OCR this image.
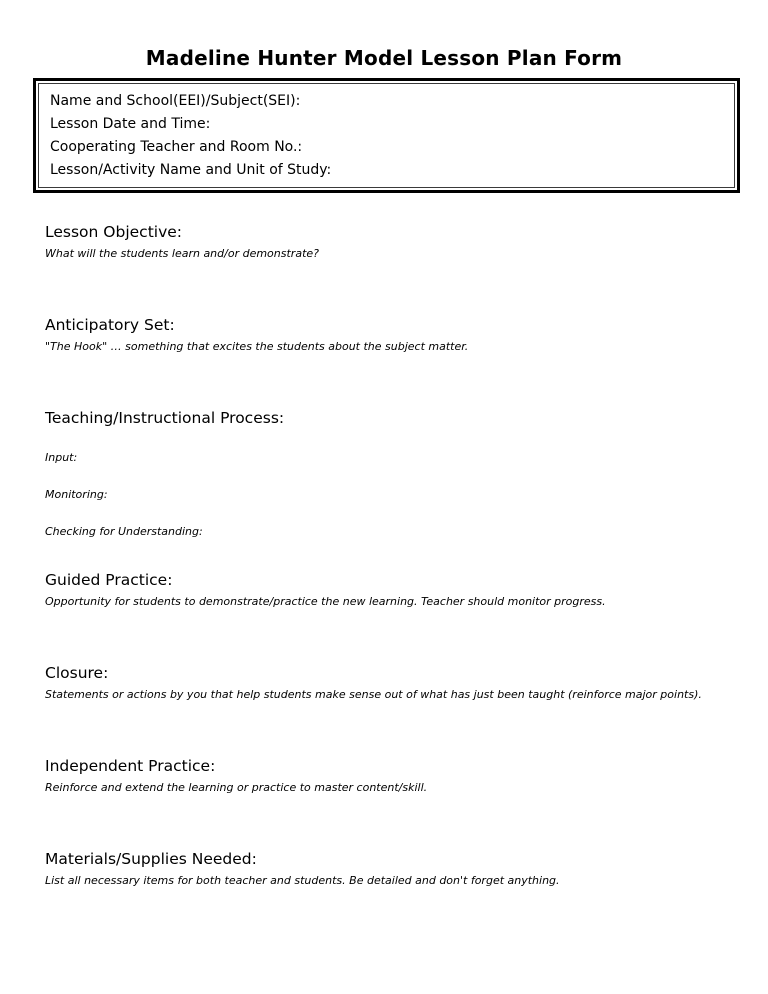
Madeline Hunter Model Lesson Plan Form

Name and School(EEI)/Subject(SEI):

Lesson Date and Time:

Cooperating Teacher and Room No.:

Lesson/Activity Name and Unit of Study:

Lesson Objective:

What will the students learn and/or demonstrate?

Anticipatory Set:

"The Hook" … something that excites the students about the subject matter.

Teaching/Instructional Process:

Input:

Monitoring:

Checking for Understanding:

Guided Practice:

Opportunity for students to demonstrate/practice the new learning. Teacher should monitor progress.

Closure:

Statements or actions by you that help students make sense out of what has just been taught (reinforce major points).

Independent Practice:

Reinforce and extend the learning or practice to master content/skill.

Materials/Supplies Needed:

List all necessary items for both teacher and students. Be detailed and don't forget anything.
